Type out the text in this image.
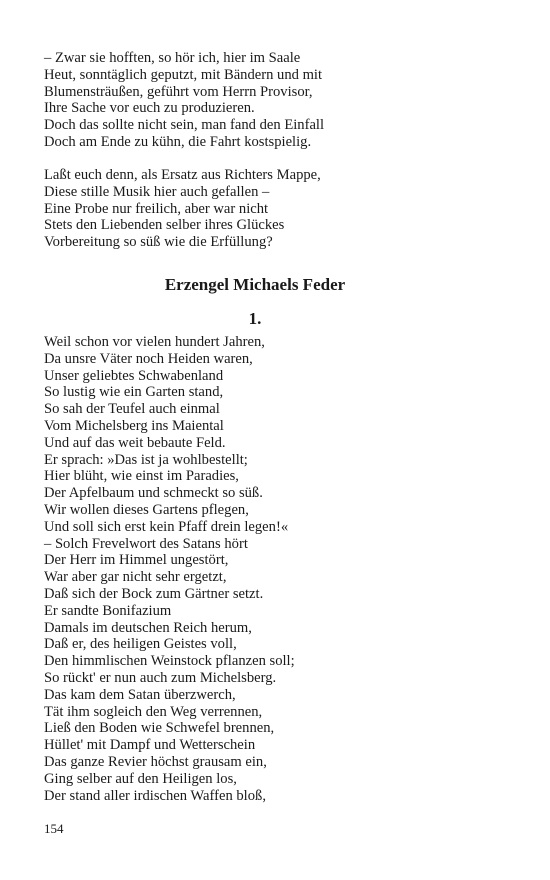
– Zwar sie hofften, so hör ich, hier im Saale
Heut, sonntäglich geputzt, mit Bändern und mit
Blumensträußen, geführt vom Herrn Provisor,
Ihre Sache vor euch zu produzieren.
Doch das sollte nicht sein, man fand den Einfall
Doch am Ende zu kühn, die Fahrt kostspielig.
Laßt euch denn, als Ersatz aus Richters Mappe,
Diese stille Musik hier auch gefallen –
Eine Probe nur freilich, aber war nicht
Stets den Liebenden selber ihres Glückes
Vorbereitung so süß wie die Erfüllung?
Erzengel Michaels Feder
1.
Weil schon vor vielen hundert Jahren,
Da unsre Väter noch Heiden waren,
Unser geliebtes Schwabenland
So lustig wie ein Garten stand,
So sah der Teufel auch einmal
Vom Michelsberg ins Maiental
Und auf das weit bebaute Feld.
Er sprach: »Das ist ja wohlbestellt;
Hier blüht, wie einst im Paradies,
Der Apfelbaum und schmeckt so süß.
Wir wollen dieses Gartens pflegen,
Und soll sich erst kein Pfaff drein legen!«
– Solch Frevelwort des Satans hört
Der Herr im Himmel ungestört,
War aber gar nicht sehr ergetzt,
Daß sich der Bock zum Gärtner setzt.
Er sandte Bonifazium
Damals im deutschen Reich herum,
Daß er, des heiligen Geistes voll,
Den himmlischen Weinstock pflanzen soll;
So rückt' er nun auch zum Michelsberg.
Das kam dem Satan überzwerch,
Tät ihm sogleich den Weg verrennen,
Ließ den Boden wie Schwefel brennen,
Hüllet' mit Dampf und Wetterschein
Das ganze Revier höchst grausam ein,
Ging selber auf den Heiligen los,
Der stand aller irdischen Waffen bloß,
154
